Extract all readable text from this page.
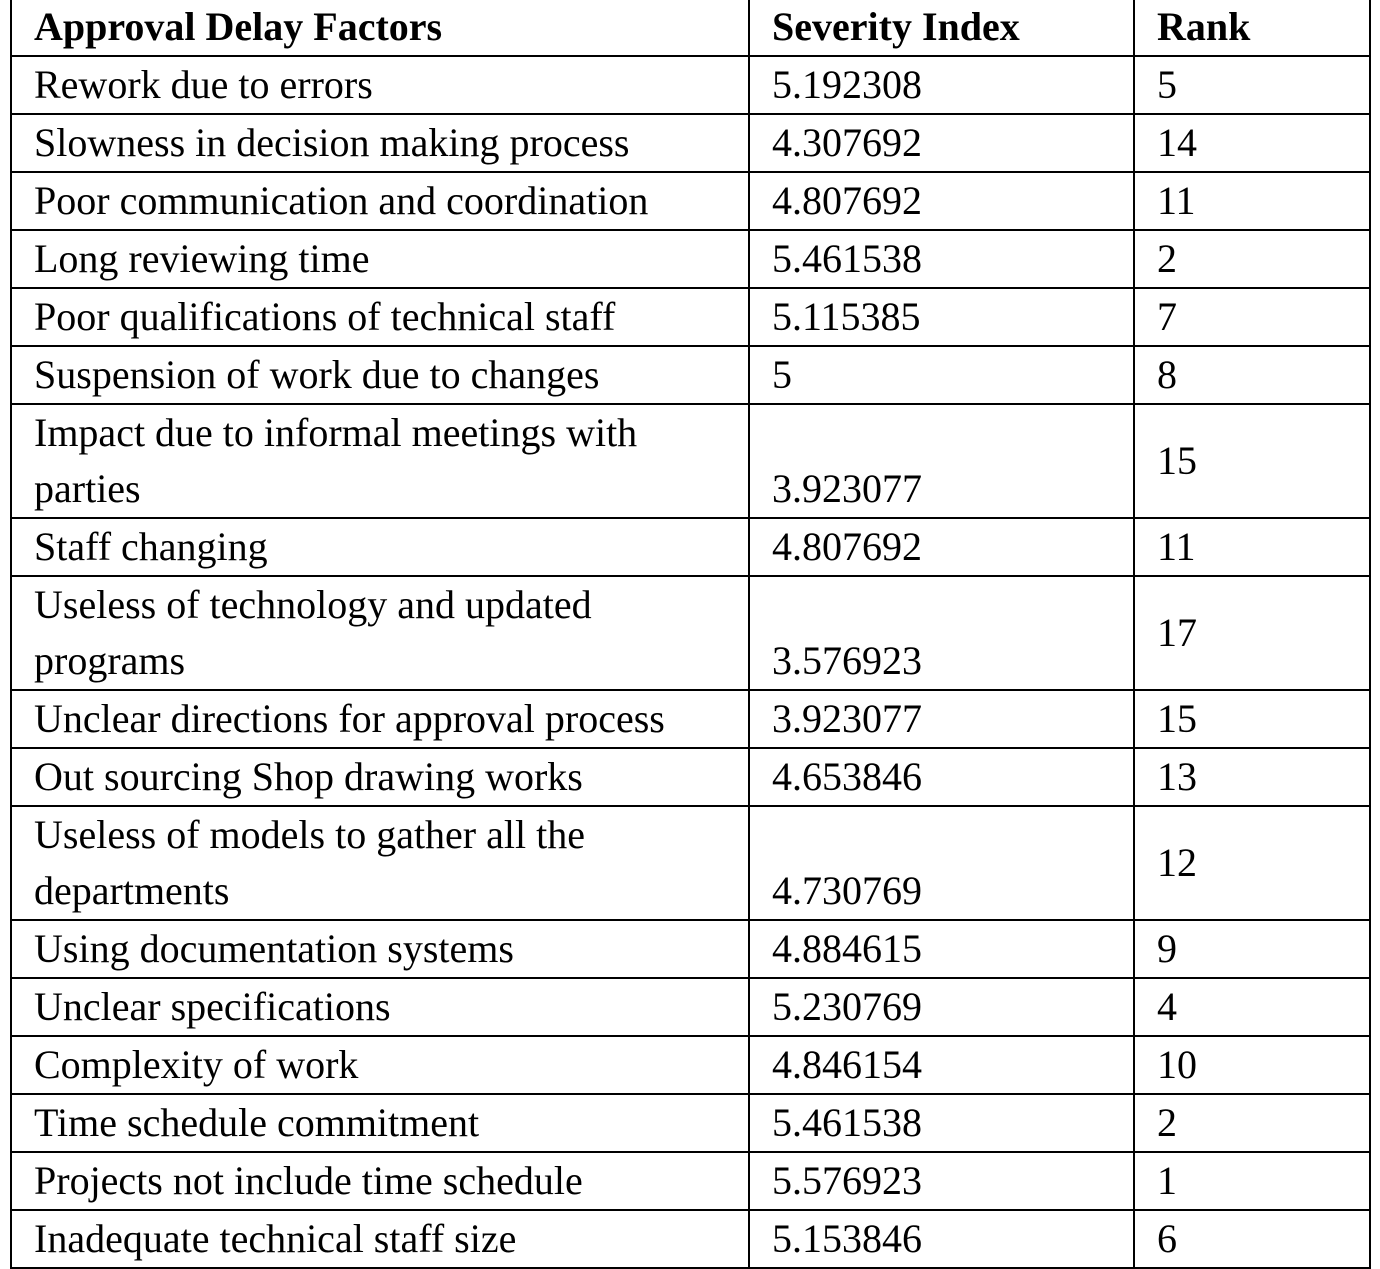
Approval Delay Factors	Severity Index	Rank
Rework due to errors	5.192308	5
Slowness in decision making process	4.307692	14
Poor communication and coordination	4.807692	11
Long reviewing time	5.461538	2
Poor qualifications of technical staff	5.115385	7
Suspension of work due to changes	5	8
Impact due to informal meetings with parties	3.923077	15
Staff changing	4.807692	11
Useless of technology and updated programs	3.576923	17
Unclear directions for approval process	3.923077	15
Out sourcing Shop drawing works	4.653846	13
Useless of models to gather all the departments	4.730769	12
Using documentation systems	4.884615	9
Unclear specifications	5.230769	4
Complexity of work	4.846154	10
Time schedule commitment	5.461538	2
Projects not include time schedule	5.576923	1
Inadequate technical staff size	5.153846	6
